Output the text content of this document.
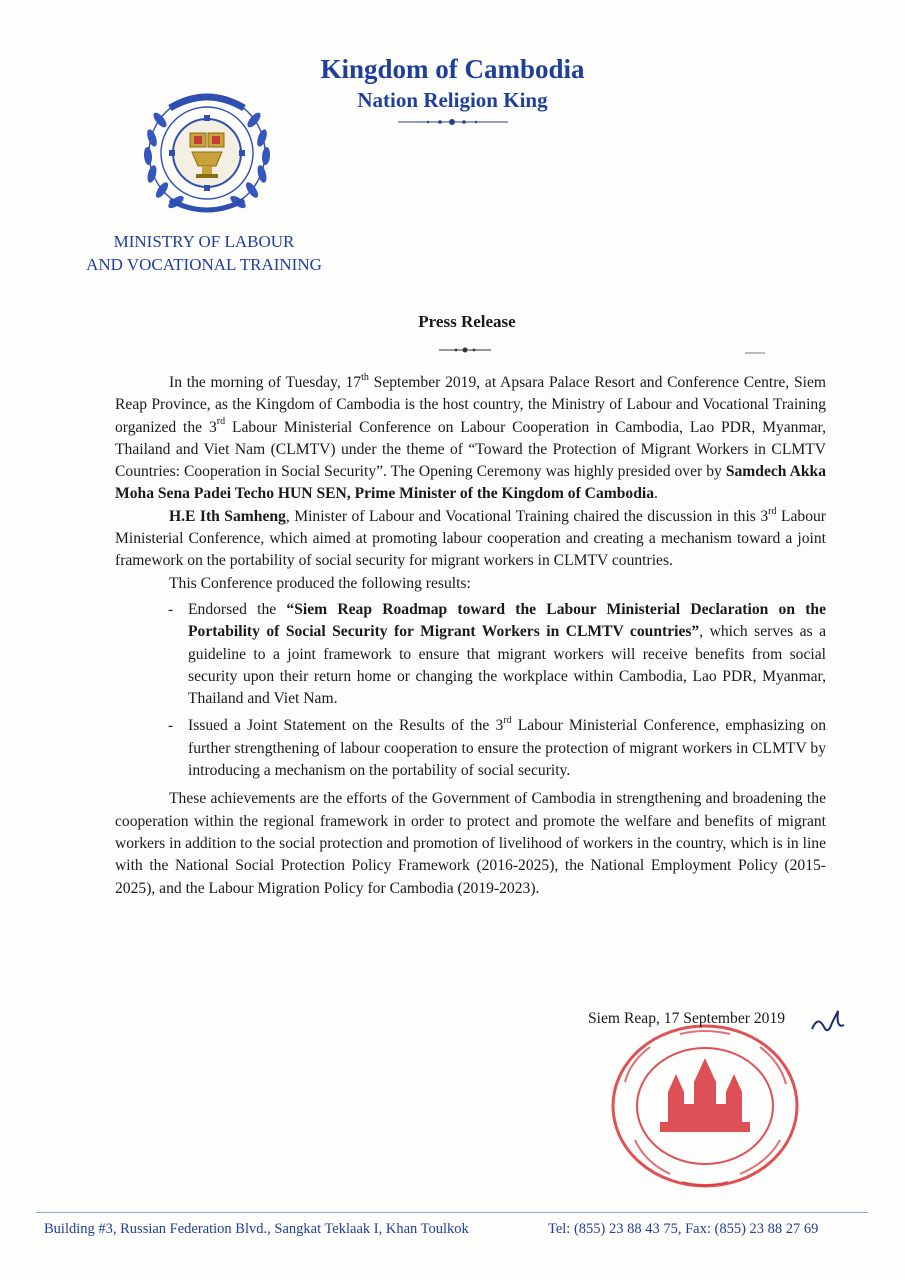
Kingdom of Cambodia
Nation Religion King
MINISTRY OF LABOUR
AND VOCATIONAL TRAINING
Press Release

In the morning of Tuesday, 17th September 2019, at Apsara Palace Resort and Conference Centre, Siem Reap Province, as the Kingdom of Cambodia is the host country, the Ministry of Labour and Vocational Training organized the 3rd Labour Ministerial Conference on Labour Cooperation in Cambodia, Lao PDR, Myanmar, Thailand and Viet Nam (CLMTV) under the theme of “Toward the Protection of Migrant Workers in CLMTV Countries: Cooperation in Social Security”. The Opening Ceremony was highly presided over by Samdech Akka Moha Sena Padei Techo HUN SEN, Prime Minister of the Kingdom of Cambodia.

H.E Ith Samheng, Minister of Labour and Vocational Training chaired the discussion in this 3rd Labour Ministerial Conference, which aimed at promoting labour cooperation and creating a mechanism toward a joint framework on the portability of social security for migrant workers in CLMTV countries.

This Conference produced the following results:

- Endorsed the “Siem Reap Roadmap toward the Labour Ministerial Declaration on the Portability of Social Security for Migrant Workers in CLMTV countries”, which serves as a guideline to a joint framework to ensure that migrant workers will receive benefits from social security upon their return home or changing the workplace within Cambodia, Lao PDR, Myanmar, Thailand and Viet Nam.
- Issued a Joint Statement on the Results of the 3rd Labour Ministerial Conference, emphasizing on further strengthening of labour cooperation to ensure the protection of migrant workers in CLMTV by introducing a mechanism on the portability of social security.

These achievements are the efforts of the Government of Cambodia in strengthening and broadening the cooperation within the regional framework in order to protect and promote the welfare and benefits of migrant workers in addition to the social protection and promotion of livelihood of workers in the country, which is in line with the National Social Protection Policy Framework (2016-2025), the National Employment Policy (2015-2025), and the Labour Migration Policy for Cambodia (2019-2023).

Siem Reap, 17 September 2019
Building #3, Russian Federation Blvd., Sangkat Teklaak I, Khan Toulkok	Tel: (855) 23 88 43 75, Fax: (855) 23 88 27 69
